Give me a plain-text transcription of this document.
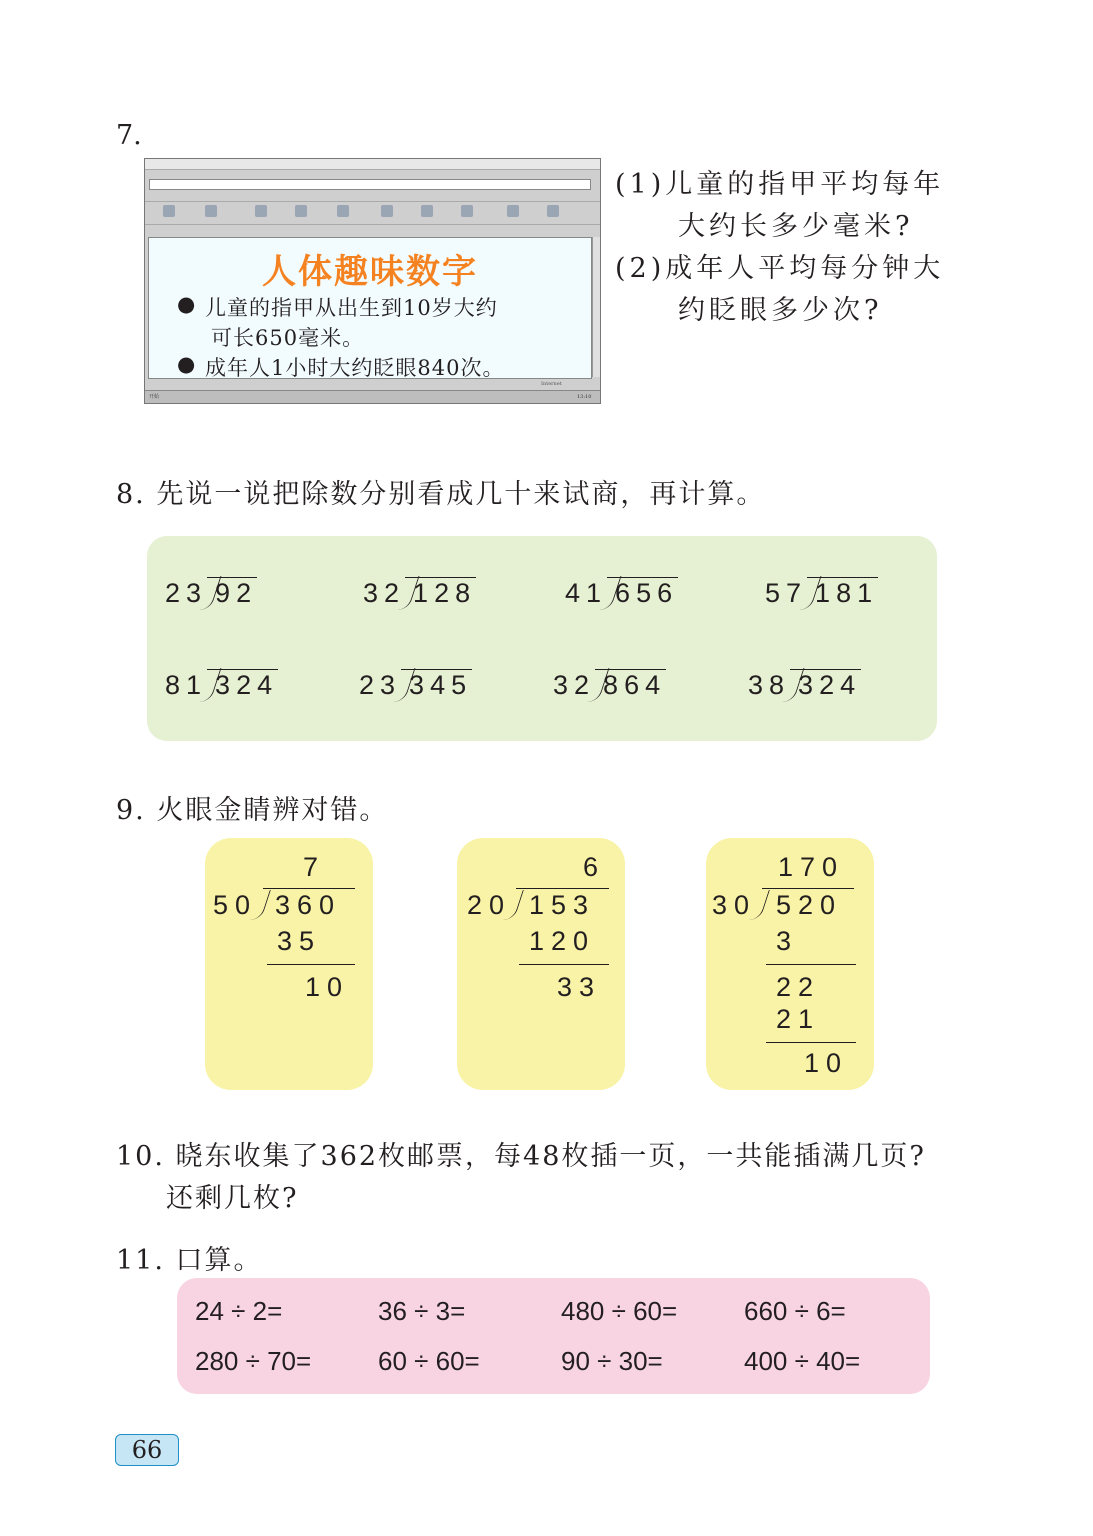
7.
人体趣味数字
● 儿童的指甲从出生到10岁大约
可长650毫米。
● 成年人1小时大约眨眼840次。
Internet
开始	13:10
(1)儿童的指甲平均每年
大约长多少毫米?
(2)成年人平均每分钟大
约眨眼多少次?
8. 先说一说把除数分别看成几十来试商，再计算。
23 92	32 128	41 656	57 181
81 324	23 345	32 864	38 324
9. 火眼金睛辨对错。
7
50 360
35
10
6
20 153
120
33
170
30 520
3
22
21
10
10. 晓东收集了362枚邮票，每48枚插一页，一共能插满几页?
还剩几枚?
11. 口算。
24 ÷ 2=	36 ÷ 3=	480 ÷ 60=	660 ÷ 6=
280 ÷ 70=	60 ÷ 60=	90 ÷ 30=	400 ÷ 40=
66
